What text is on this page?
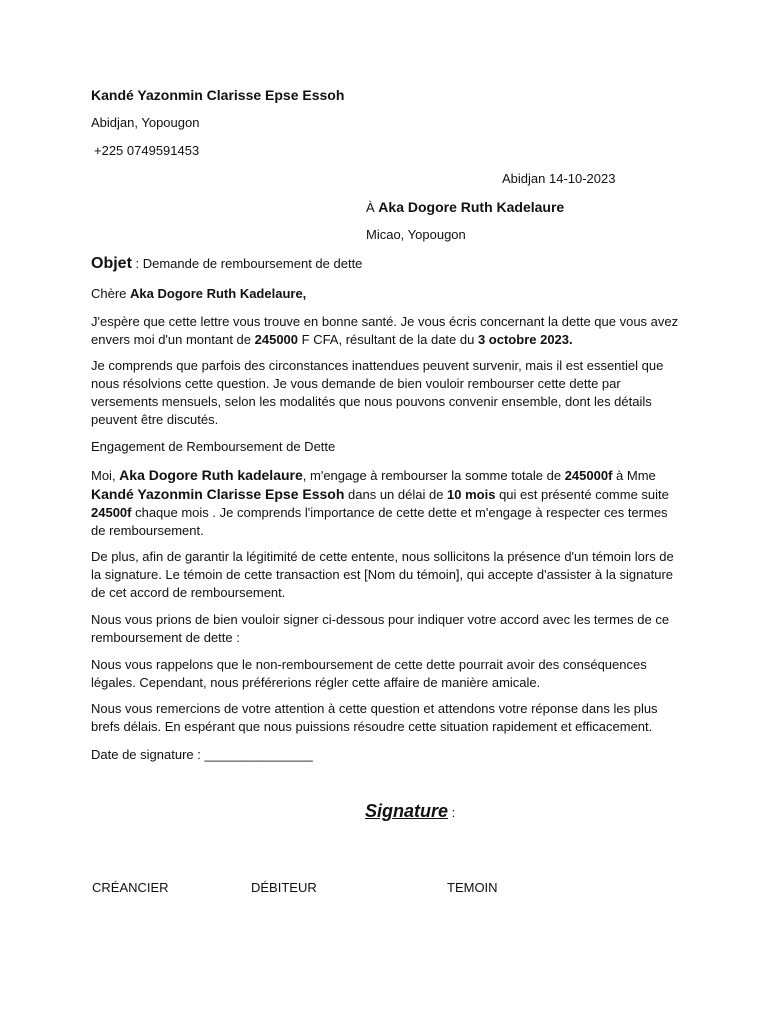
Kandé Yazonmin Clarisse Epse Essoh

Abidjan, Yopougon

+225 0749591453

Abidjan 14-10-2023

À Aka Dogore Ruth Kadelaure

Micao, Yopougon

Objet : Demande de remboursement de dette

Chère Aka Dogore Ruth Kadelaure,

J'espère que cette lettre vous trouve en bonne santé. Je vous écris concernant la dette que vous avez envers moi d'un montant de 245000 F CFA, résultant de la date du 3 octobre 2023.

Je comprends que parfois des circonstances inattendues peuvent survenir, mais il est essentiel que nous résolvions cette question. Je vous demande de bien vouloir rembourser cette dette par versements mensuels, selon les modalités que nous pouvons convenir ensemble, dont les détails peuvent être discutés.

Engagement de Remboursement de Dette

Moi, Aka Dogore Ruth kadelaure, m'engage à rembourser la somme totale de 245000f à Mme Kandé Yazonmin Clarisse Epse Essoh dans un délai de 10 mois qui est présenté comme suite 24500f chaque mois . Je comprends l'importance de cette dette et m'engage à respecter ces termes de remboursement.

De plus, afin de garantir la légitimité de cette entente, nous sollicitons la présence d'un témoin lors de la signature. Le témoin de cette transaction est [Nom du témoin], qui accepte d'assister à la signature de cet accord de remboursement.

Nous vous prions de bien vouloir signer ci-dessous pour indiquer votre accord avec les termes de ce remboursement de dette :

Nous vous rappelons que le non-remboursement de cette dette pourrait avoir des conséquences légales. Cependant, nous préférerions régler cette affaire de manière amicale.

Nous vous remercions de votre attention à cette question et attendons votre réponse dans les plus brefs délais. En espérant que nous puissions résoudre cette situation rapidement et efficacement.

Date de signature : _______________

Signature :

CRÉANCIER	DÉBITEUR	TEMOIN
